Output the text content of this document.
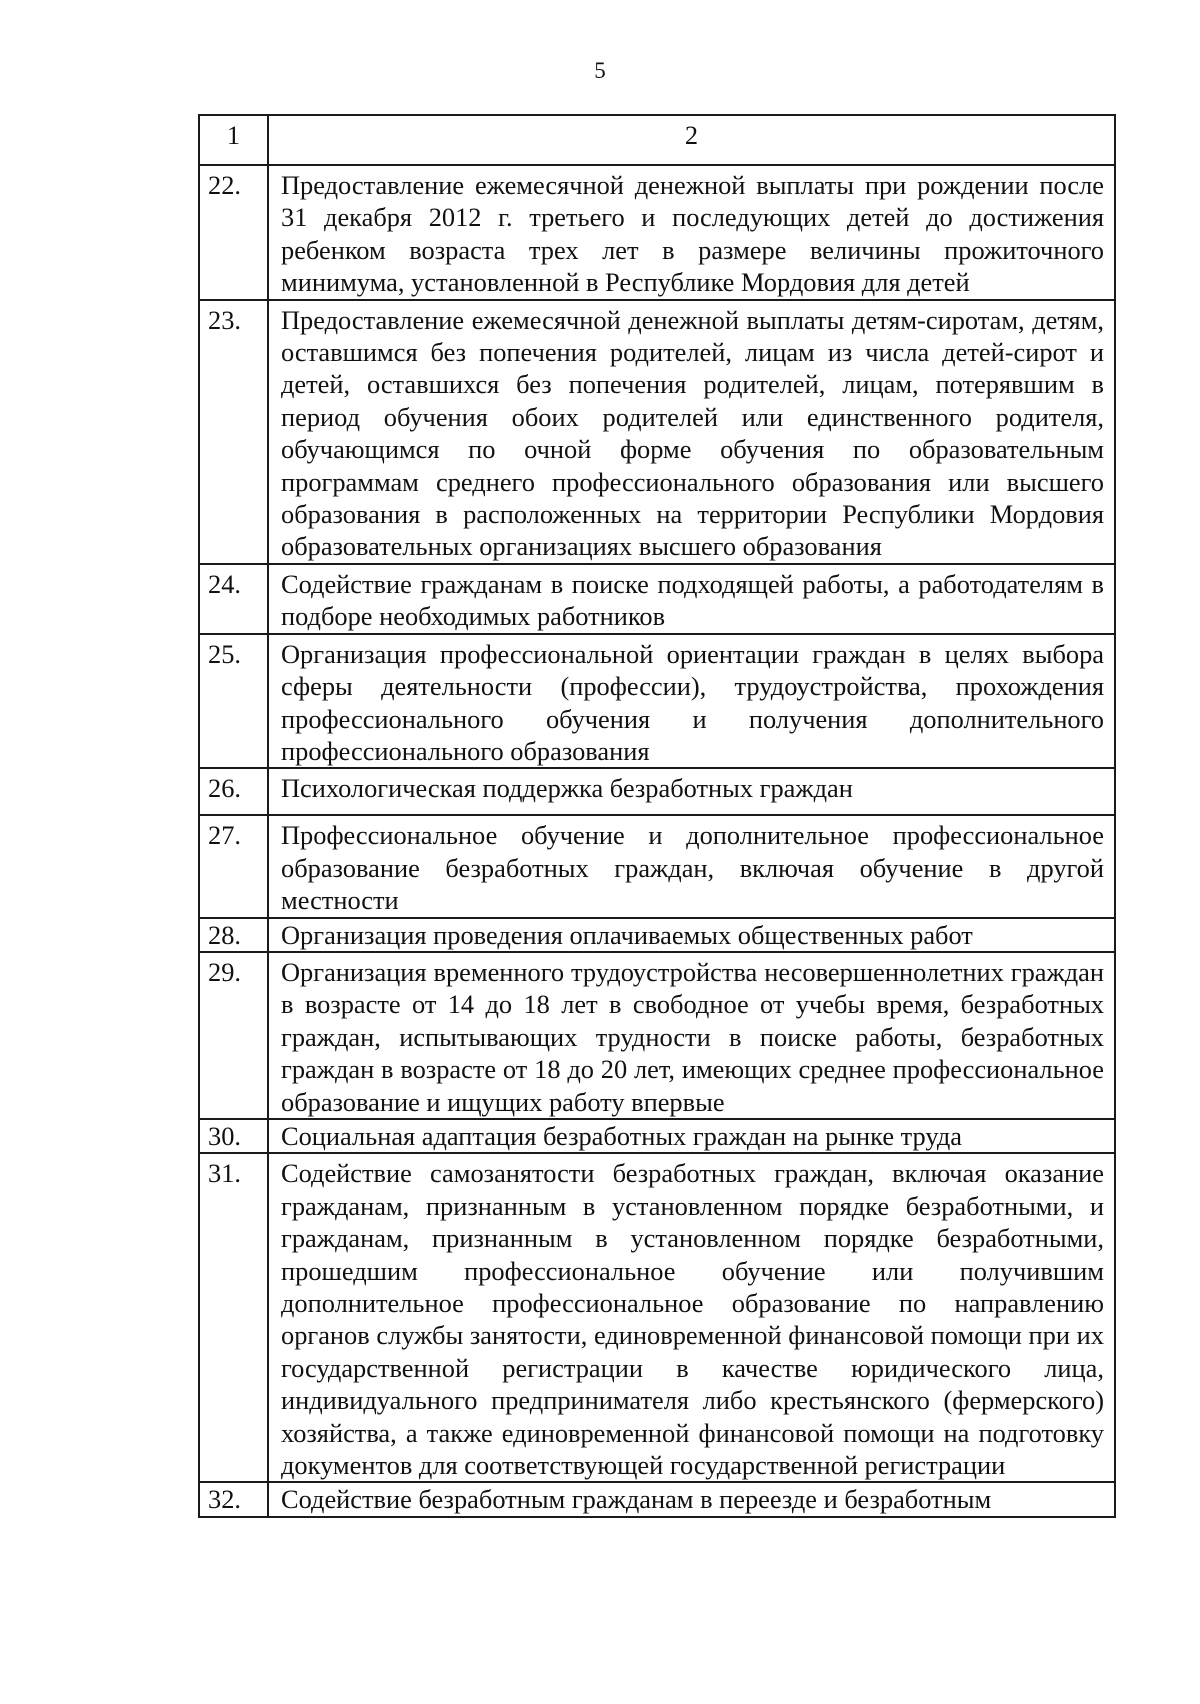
5
1	2
22.	Предоставление ежемесячной денежной выплаты при рождении после 31 декабря 2012 г. третьего и последующих детей до достижения ребенком возраста трех лет в размере величины прожиточного минимума, установленной в Республике Мордовия для детей
23.	Предоставление ежемесячной денежной выплаты детям-сиротам, детям, оставшимся без попечения родителей, лицам из числа детей-сирот и детей, оставшихся без попечения родителей, лицам, потерявшим в период обучения обоих родителей или единственного родителя, обучающимся по очной форме обучения по образовательным программам среднего профессионального образования или высшего образования в расположенных на территории Республики Мордовия образовательных организациях высшего образования
24.	Содействие гражданам в поиске подходящей работы, а работодателям в подборе необходимых работников
25.	Организация профессиональной ориентации граждан в целях выбора сферы деятельности (профессии), трудоустройства, прохождения профессионального обучения и получения дополнительного профессионального образования
26.	Психологическая поддержка безработных граждан
27.	Профессиональное обучение и дополнительное профессиональное образование безработных граждан, включая обучение в другой местности
28.	Организация проведения оплачиваемых общественных работ
29.	Организация временного трудоустройства несовершеннолетних граждан в возрасте от 14 до 18 лет в свободное от учебы время, безработных граждан, испытывающих трудности в поиске работы, безработных граждан в возрасте от 18 до 20 лет, имеющих среднее профессиональное образование и ищущих работу впервые
30.	Социальная адаптация безработных граждан на рынке труда
31.	Содействие самозанятости безработных граждан, включая оказание гражданам, признанным в установленном порядке безработными, и гражданам, признанным в установленном порядке безработными, прошедшим профессиональное обучение или получившим дополнительное профессиональное образование по направлению органов службы занятости, единовременной финансовой помощи при их государственной регистрации в качестве юридического лица, индивидуального предпринимателя либо крестьянского (фермерского) хозяйства, а также единовременной финансовой помощи на подготовку документов для соответствующей государственной регистрации
32.	Содействие безработным гражданам в переезде и безработным
